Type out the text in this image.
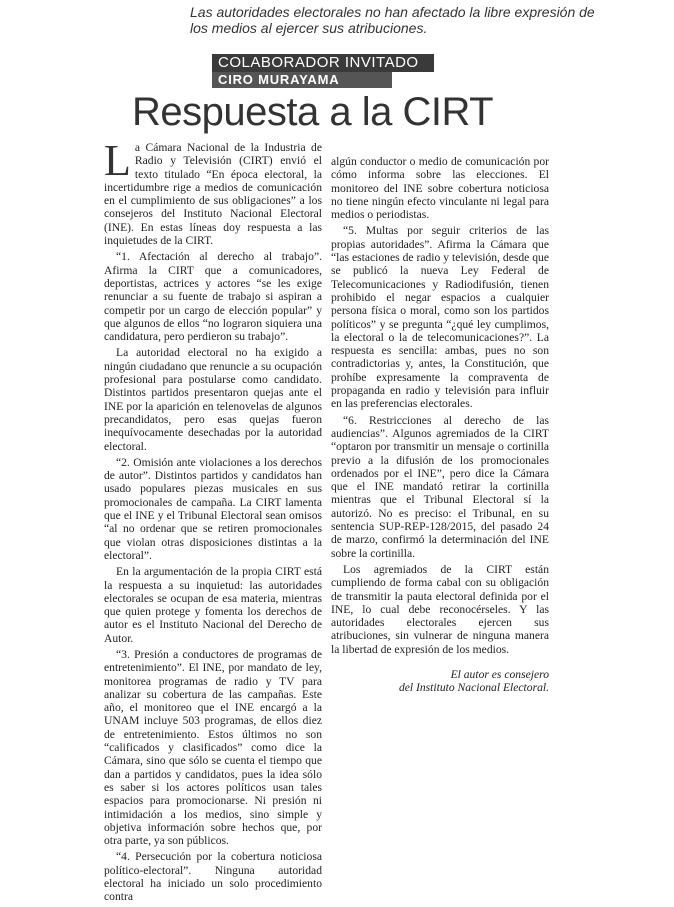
Las autoridades electorales no han afectado la libre expresión de los medios al ejercer sus atribuciones.
COLABORADOR INVITADO
CIRO MURAYAMA
Respuesta a la CIRT

La Cámara Nacional de la Industria de Radio y Televisión (CIRT) envió el texto titulado “En época electoral, la incertidumbre rige a medios de comunicación en el cumplimiento de sus obligaciones” a los consejeros del Instituto Nacional Electoral (INE). En estas líneas doy respuesta a las inquietudes de la CIRT.

“1. Afectación al derecho al trabajo”. Afirma la CIRT que a comunicadores, deportistas, actrices y actores “se les exige renunciar a su fuente de trabajo si aspiran a competir por un cargo de elección popular” y que algunos de ellos “no lograron siquiera una candidatura, pero perdieron su trabajo”.

La autoridad electoral no ha exigido a ningún ciudadano que renuncie a su ocupación profesional para postularse como candidato. Distintos partidos presentaron quejas ante el INE por la aparición en telenovelas de algunos precandidatos, pero esas quejas fueron inequívocamente desechadas por la autoridad electoral.

“2. Omisión ante violaciones a los derechos de autor”. Distintos partidos y candidatos han usado populares piezas musicales en sus promocionales de campaña. La CIRT lamenta que el INE y el Tribunal Electoral sean omisos “al no ordenar que se retiren promocionales que violan otras disposiciones distintas a la electoral”.

En la argumentación de la propia CIRT está la respuesta a su inquietud: las autoridades electorales se ocupan de esa materia, mientras que quien protege y fomenta los derechos de autor es el Instituto Nacional del Derecho de Autor.

“3. Presión a conductores de programas de entretenimiento”. El INE, por mandato de ley, monitorea programas de radio y TV para analizar su cobertura de las campañas. Este año, el monitoreo que el INE encargó a la UNAM incluye 503 programas, de ellos diez de entretenimiento. Estos últimos no son “calificados y clasificados” como dice la Cámara, sino que sólo se cuenta el tiempo que dan a partidos y candidatos, pues la idea sólo es saber si los actores políticos usan tales espacios para promocionarse. Ni presión ni intimidación a los medios, sino simple y objetiva información sobre hechos que, por otra parte, ya son públicos.

“4. Persecución por la cobertura noticiosa político-electoral”. Ninguna autoridad electoral ha iniciado un solo procedimiento contra

algún conductor o medio de comunicación por cómo informa sobre las elecciones. El monitoreo del INE sobre cobertura noticiosa no tiene ningún efecto vinculante ni legal para medios o periodistas.

“5. Multas por seguir criterios de las propias autoridades”. Afirma la Cámara que “las estaciones de radio y televisión, desde que se publicó la nueva Ley Federal de Telecomunicaciones y Radiodifusión, tienen prohibido el negar espacios a cualquier persona física o moral, como son los partidos políticos” y se pregunta “¿qué ley cumplimos, la electoral o la de telecomunicaciones?”. La respuesta es sencilla: ambas, pues no son contradictorias y, antes, la Constitución, que prohíbe expresamente la compraventa de propaganda en radio y televisión para influir en las preferencias electorales.

“6. Restricciones al derecho de las audiencias”. Algunos agremiados de la CIRT “optaron por transmitir un mensaje o cortinilla previo a la difusión de los promocionales ordenados por el INE”, pero dice la Cámara que el INE mandató retirar la cortinilla mientras que el Tribunal Electoral sí la autorizó. No es preciso: el Tribunal, en su sentencia SUP-REP-128/2015, del pasado 24 de marzo, confirmó la determinación del INE sobre la cortinilla.

Los agremiados de la CIRT están cumpliendo de forma cabal con su obligación de transmitir la pauta electoral definida por el INE, lo cual debe reconocérseles. Y las autoridades electorales ejercen sus atribuciones, sin vulnerar de ninguna manera la libertad de expresión de los medios.

El autor es consejero
del Instituto Nacional Electoral.
